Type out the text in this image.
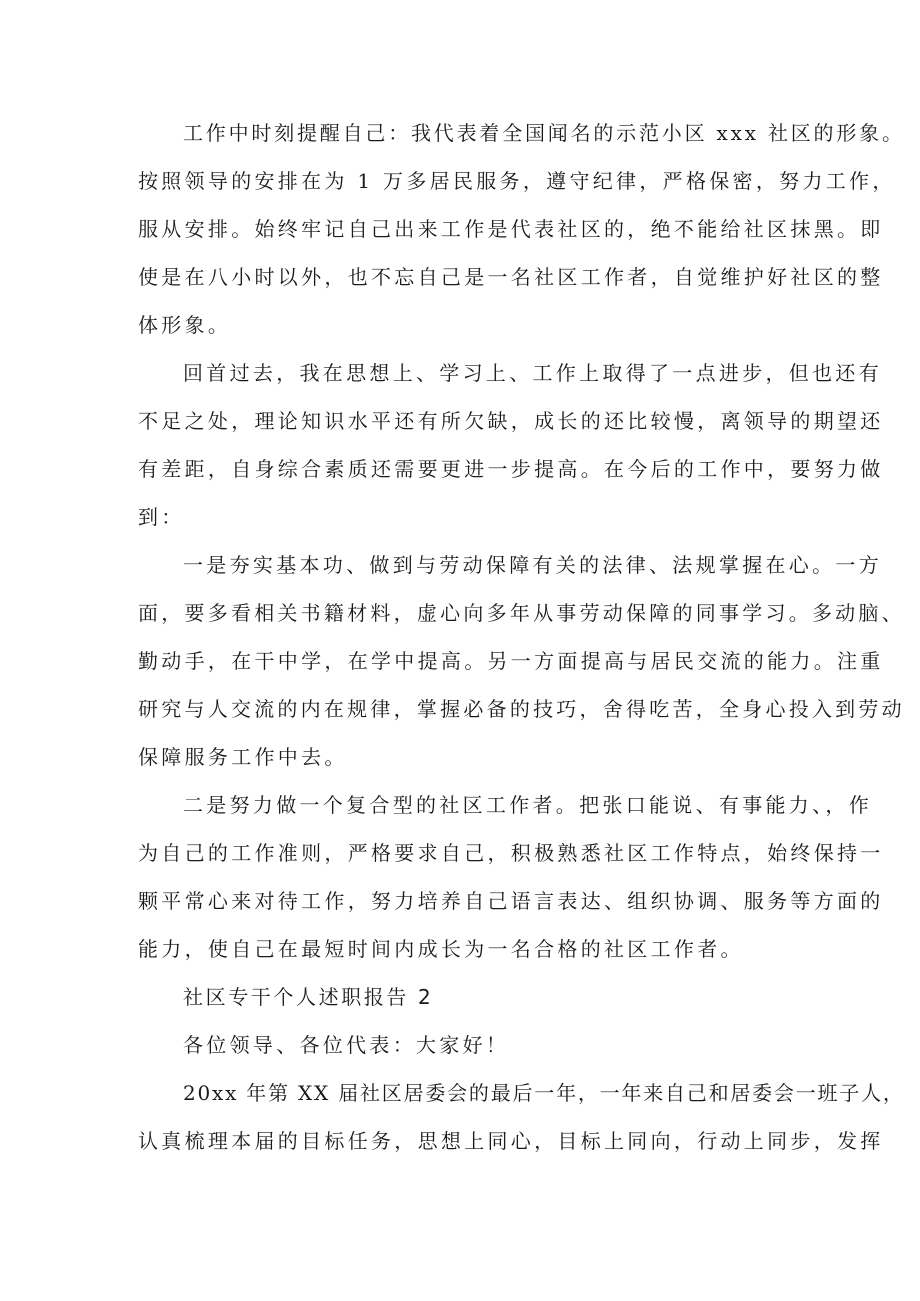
工作中时刻提醒自己：我代表着全国闻名的示范小区 xxx 社区的形象。
按照领导的安排在为 1 万多居民服务，遵守纪律，严格保密，努力工作，
服从安排。始终牢记自己出来工作是代表社区的，绝不能给社区抹黑。即
使是在八小时以外，也不忘自己是一名社区工作者，自觉维护好社区的整
体形象。
回首过去，我在思想上、学习上、工作上取得了一点进步，但也还有
不足之处，理论知识水平还有所欠缺，成长的还比较慢，离领导的期望还
有差距，自身综合素质还需要更进一步提高。在今后的工作中，要努力做
到：
一是夯实基本功、做到与劳动保障有关的法律、法规掌握在心。一方
面，要多看相关书籍材料，虚心向多年从事劳动保障的同事学习。多动脑、
勤动手，在干中学，在学中提高。另一方面提高与居民交流的能力。注重
研究与人交流的内在规律，掌握必备的技巧，舍得吃苦，全身心投入到劳动
保障服务工作中去。
二是努力做一个复合型的社区工作者。把张口能说、有事能力、，作
为自己的工作准则，严格要求自己，积极熟悉社区工作特点，始终保持一
颗平常心来对待工作，努力培养自己语言表达、组织协调、服务等方面的
能力，使自己在最短时间内成长为一名合格的社区工作者。
社区专干个人述职报告 2
各位领导、各位代表：大家好！
20xx 年第 XX 届社区居委会的最后一年，一年来自己和居委会一班子人，
认真梳理本届的目标任务，思想上同心，目标上同向，行动上同步，发挥
